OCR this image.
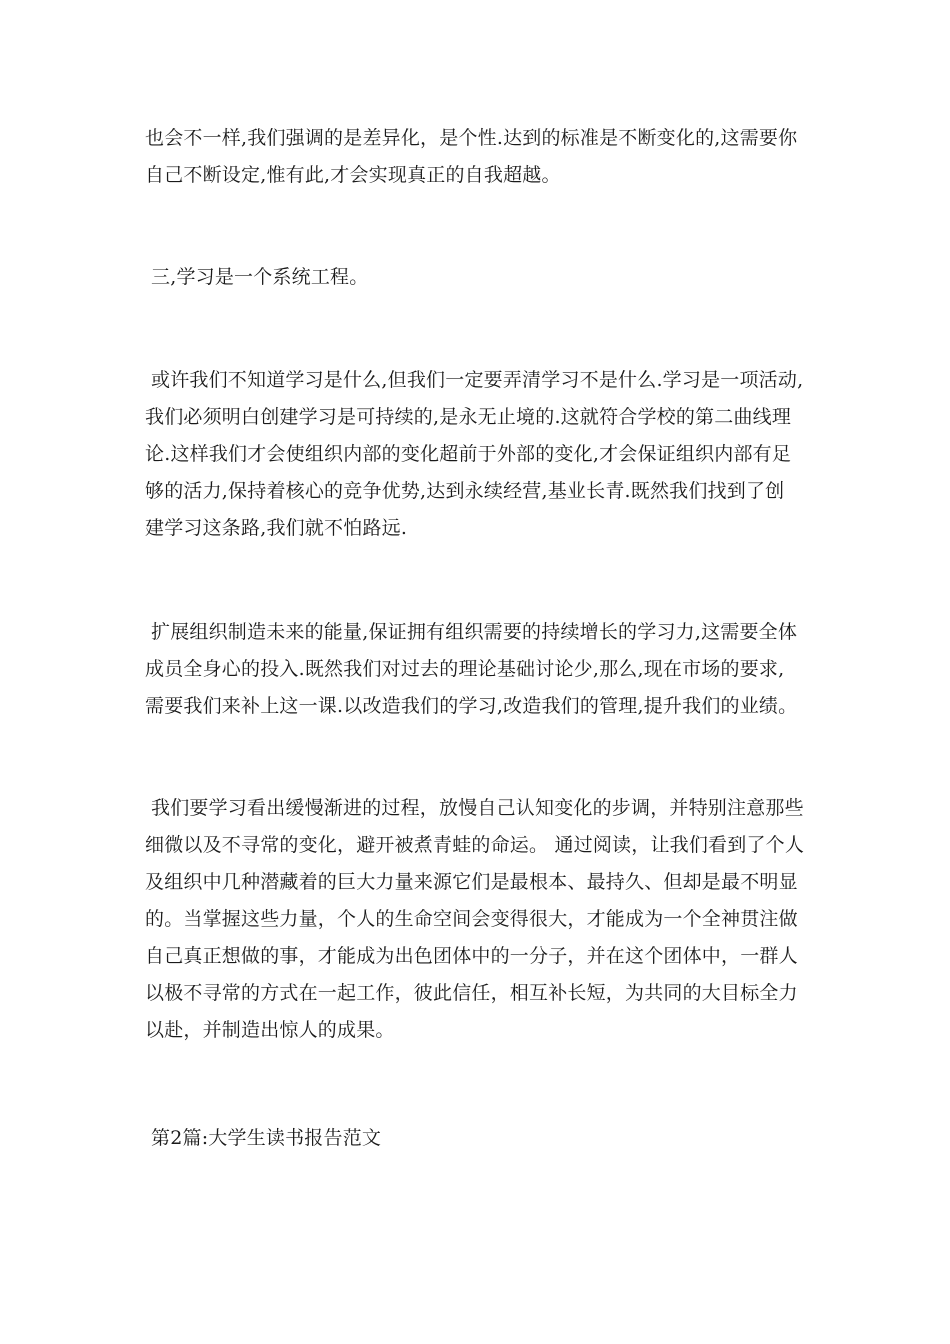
也会不一样,我们强调的是差异化，是个性.达到的标准是不断变化的,这需要你
自己不断设定,惟有此,才会实现真正的自我超越。
三,学习是一个系统工程。
或许我们不知道学习是什么,但我们一定要弄清学习不是什么.学习是一项活动,
我们必须明白创建学习是可持续的,是永无止境的.这就符合学校的第二曲线理
论.这样我们才会使组织内部的变化超前于外部的变化,才会保证组织内部有足
够的活力,保持着核心的竞争优势,达到永续经营,基业长青.既然我们找到了创
建学习这条路,我们就不怕路远.
扩展组织制造未来的能量,保证拥有组织需要的持续增长的学习力,这需要全体
成员全身心的投入.既然我们对过去的理论基础讨论少,那么,现在市场的要求,
需要我们来补上这一课.以改造我们的学习,改造我们的管理,提升我们的业绩。
我们要学习看出缓慢渐进的过程，放慢自己认知变化的步调，并特别注意那些
细微以及不寻常的变化，避开被煮青蛙的命运。 通过阅读，让我们看到了个人
及组织中几种潜藏着的巨大力量来源它们是最根本、最持久、但却是最不明显
的。当掌握这些力量，个人的生命空间会变得很大，才能成为一个全神贯注做
自己真正想做的事，才能成为出色团体中的一分子，并在这个团体中，一群人
以极不寻常的方式在一起工作，彼此信任，相互补长短，为共同的大目标全力
以赴，并制造出惊人的成果。
第2篇:大学生读书报告范文
